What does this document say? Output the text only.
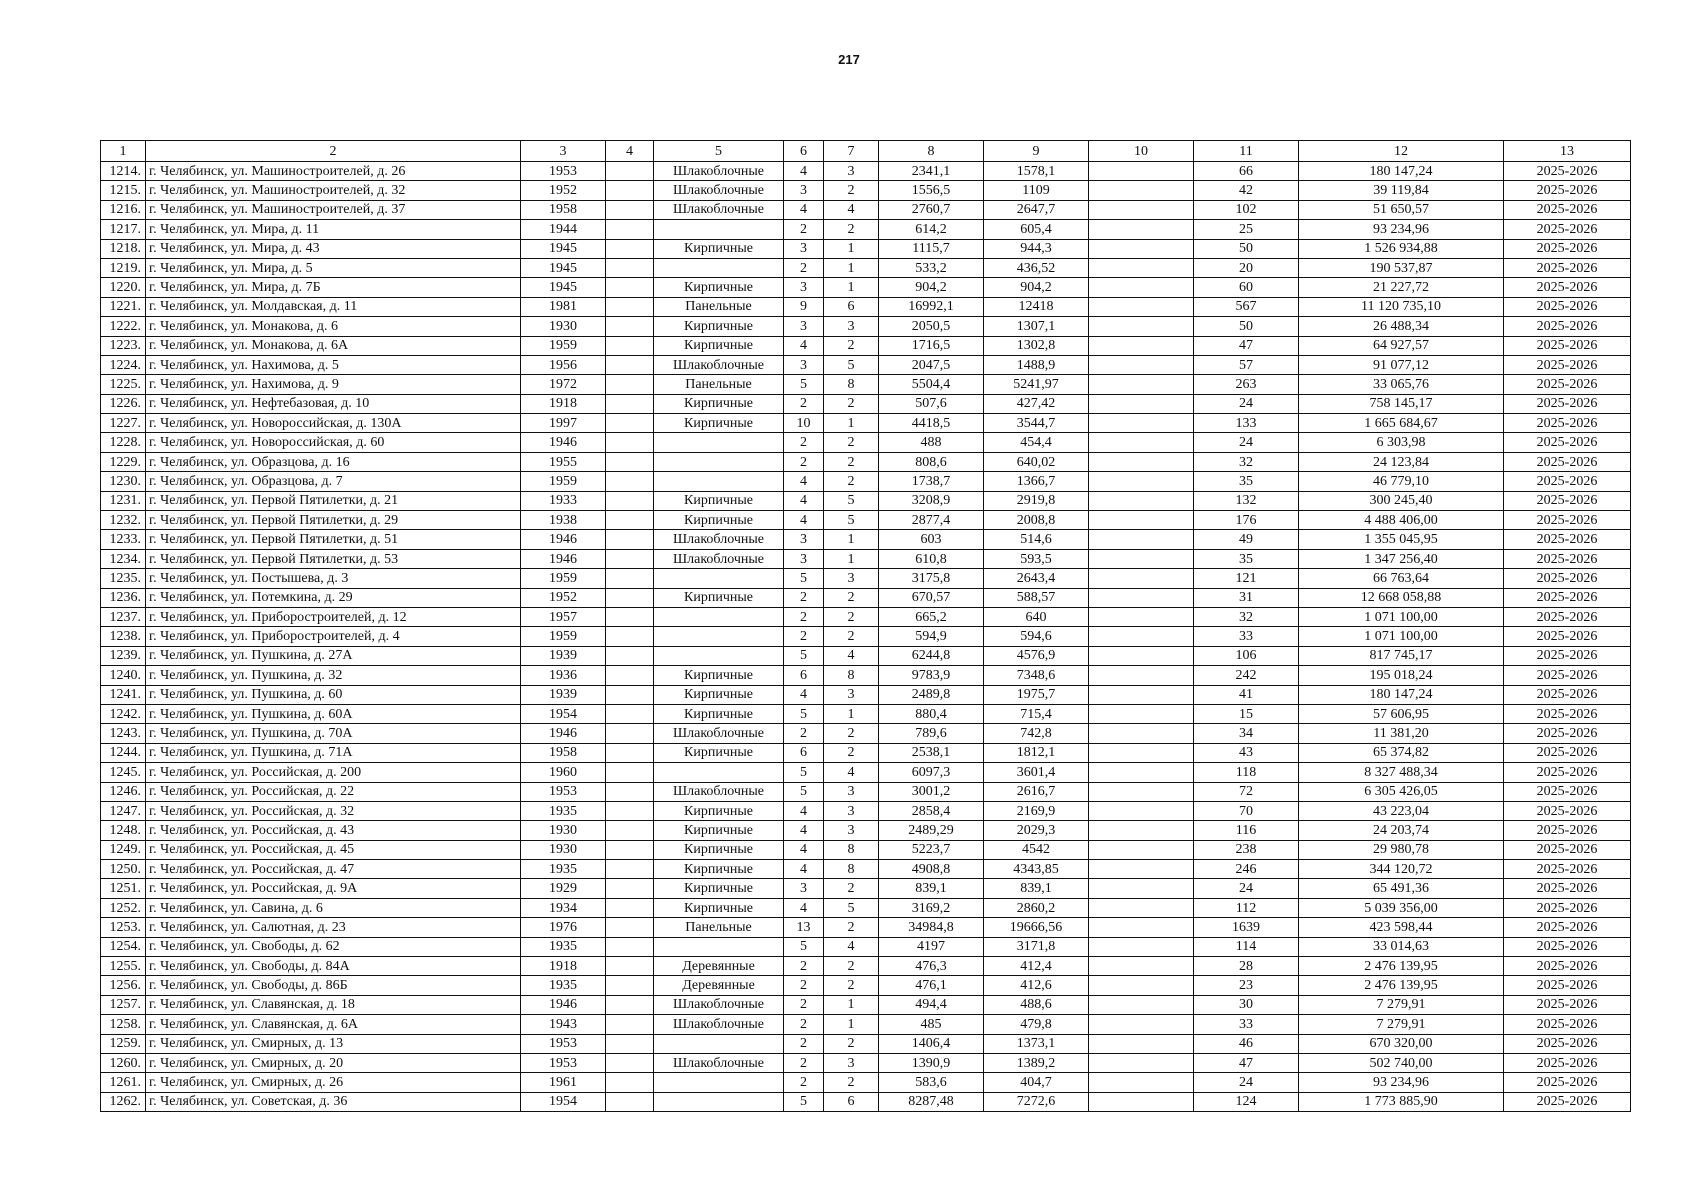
217
1	2	3	4	5	6	7	8	9	10	11	12	13
1214.	г. Челябинск, ул. Машиностроителей, д. 26	1953		Шлакоблочные	4	3	2341,1	1578,1		66	180 147,24	2025-2026
1215.	г. Челябинск, ул. Машиностроителей, д. 32	1952		Шлакоблочные	3	2	1556,5	1109		42	39 119,84	2025-2026
1216.	г. Челябинск, ул. Машиностроителей, д. 37	1958		Шлакоблочные	4	4	2760,7	2647,7		102	51 650,57	2025-2026
1217.	г. Челябинск, ул. Мира, д. 11	1944			2	2	614,2	605,4		25	93 234,96	2025-2026
1218.	г. Челябинск, ул. Мира, д. 43	1945		Кирпичные	3	1	1115,7	944,3		50	1 526 934,88	2025-2026
1219.	г. Челябинск, ул. Мира, д. 5	1945			2	1	533,2	436,52		20	190 537,87	2025-2026
1220.	г. Челябинск, ул. Мира, д. 7Б	1945		Кирпичные	3	1	904,2	904,2		60	21 227,72	2025-2026
1221.	г. Челябинск, ул. Молдавская, д. 11	1981		Панельные	9	6	16992,1	12418		567	11 120 735,10	2025-2026
1222.	г. Челябинск, ул. Монакова, д. 6	1930		Кирпичные	3	3	2050,5	1307,1		50	26 488,34	2025-2026
1223.	г. Челябинск, ул. Монакова, д. 6А	1959		Кирпичные	4	2	1716,5	1302,8		47	64 927,57	2025-2026
1224.	г. Челябинск, ул. Нахимова, д. 5	1956		Шлакоблочные	3	5	2047,5	1488,9		57	91 077,12	2025-2026
1225.	г. Челябинск, ул. Нахимова, д. 9	1972		Панельные	5	8	5504,4	5241,97		263	33 065,76	2025-2026
1226.	г. Челябинск, ул. Нефтебазовая, д. 10	1918		Кирпичные	2	2	507,6	427,42		24	758 145,17	2025-2026
1227.	г. Челябинск, ул. Новороссийская, д. 130А	1997		Кирпичные	10	1	4418,5	3544,7		133	1 665 684,67	2025-2026
1228.	г. Челябинск, ул. Новороссийская, д. 60	1946			2	2	488	454,4		24	6 303,98	2025-2026
1229.	г. Челябинск, ул. Образцова, д. 16	1955			2	2	808,6	640,02		32	24 123,84	2025-2026
1230.	г. Челябинск, ул. Образцова, д. 7	1959			4	2	1738,7	1366,7		35	46 779,10	2025-2026
1231.	г. Челябинск, ул. Первой Пятилетки, д. 21	1933		Кирпичные	4	5	3208,9	2919,8		132	300 245,40	2025-2026
1232.	г. Челябинск, ул. Первой Пятилетки, д. 29	1938		Кирпичные	4	5	2877,4	2008,8		176	4 488 406,00	2025-2026
1233.	г. Челябинск, ул. Первой Пятилетки, д. 51	1946		Шлакоблочные	3	1	603	514,6		49	1 355 045,95	2025-2026
1234.	г. Челябинск, ул. Первой Пятилетки, д. 53	1946		Шлакоблочные	3	1	610,8	593,5		35	1 347 256,40	2025-2026
1235.	г. Челябинск, ул. Постышева, д. 3	1959			5	3	3175,8	2643,4		121	66 763,64	2025-2026
1236.	г. Челябинск, ул. Потемкина, д. 29	1952		Кирпичные	2	2	670,57	588,57		31	12 668 058,88	2025-2026
1237.	г. Челябинск, ул. Приборостроителей, д. 12	1957			2	2	665,2	640		32	1 071 100,00	2025-2026
1238.	г. Челябинск, ул. Приборостроителей, д. 4	1959			2	2	594,9	594,6		33	1 071 100,00	2025-2026
1239.	г. Челябинск, ул. Пушкина, д. 27А	1939			5	4	6244,8	4576,9		106	817 745,17	2025-2026
1240.	г. Челябинск, ул. Пушкина, д. 32	1936		Кирпичные	6	8	9783,9	7348,6		242	195 018,24	2025-2026
1241.	г. Челябинск, ул. Пушкина, д. 60	1939		Кирпичные	4	3	2489,8	1975,7		41	180 147,24	2025-2026
1242.	г. Челябинск, ул. Пушкина, д. 60А	1954		Кирпичные	5	1	880,4	715,4		15	57 606,95	2025-2026
1243.	г. Челябинск, ул. Пушкина, д. 70А	1946		Шлакоблочные	2	2	789,6	742,8		34	11 381,20	2025-2026
1244.	г. Челябинск, ул. Пушкина, д. 71А	1958		Кирпичные	6	2	2538,1	1812,1		43	65 374,82	2025-2026
1245.	г. Челябинск, ул. Российская, д. 200	1960			5	4	6097,3	3601,4		118	8 327 488,34	2025-2026
1246.	г. Челябинск, ул. Российская, д. 22	1953		Шлакоблочные	5	3	3001,2	2616,7		72	6 305 426,05	2025-2026
1247.	г. Челябинск, ул. Российская, д. 32	1935		Кирпичные	4	3	2858,4	2169,9		70	43 223,04	2025-2026
1248.	г. Челябинск, ул. Российская, д. 43	1930		Кирпичные	4	3	2489,29	2029,3		116	24 203,74	2025-2026
1249.	г. Челябинск, ул. Российская, д. 45	1930		Кирпичные	4	8	5223,7	4542		238	29 980,78	2025-2026
1250.	г. Челябинск, ул. Российская, д. 47	1935		Кирпичные	4	8	4908,8	4343,85		246	344 120,72	2025-2026
1251.	г. Челябинск, ул. Российская, д. 9А	1929		Кирпичные	3	2	839,1	839,1		24	65 491,36	2025-2026
1252.	г. Челябинск, ул. Савина, д. 6	1934		Кирпичные	4	5	3169,2	2860,2		112	5 039 356,00	2025-2026
1253.	г. Челябинск, ул. Салютная, д. 23	1976		Панельные	13	2	34984,8	19666,56		1639	423 598,44	2025-2026
1254.	г. Челябинск, ул. Свободы, д. 62	1935			5	4	4197	3171,8		114	33 014,63	2025-2026
1255.	г. Челябинск, ул. Свободы, д. 84А	1918		Деревянные	2	2	476,3	412,4		28	2 476 139,95	2025-2026
1256.	г. Челябинск, ул. Свободы, д. 86Б	1935		Деревянные	2	2	476,1	412,6		23	2 476 139,95	2025-2026
1257.	г. Челябинск, ул. Славянская, д. 18	1946		Шлакоблочные	2	1	494,4	488,6		30	7 279,91	2025-2026
1258.	г. Челябинск, ул. Славянская, д. 6А	1943		Шлакоблочные	2	1	485	479,8		33	7 279,91	2025-2026
1259.	г. Челябинск, ул. Смирных, д. 13	1953			2	2	1406,4	1373,1		46	670 320,00	2025-2026
1260.	г. Челябинск, ул. Смирных, д. 20	1953		Шлакоблочные	2	3	1390,9	1389,2		47	502 740,00	2025-2026
1261.	г. Челябинск, ул. Смирных, д. 26	1961			2	2	583,6	404,7		24	93 234,96	2025-2026
1262.	г. Челябинск, ул. Советская, д. 36	1954			5	6	8287,48	7272,6		124	1 773 885,90	2025-2026
